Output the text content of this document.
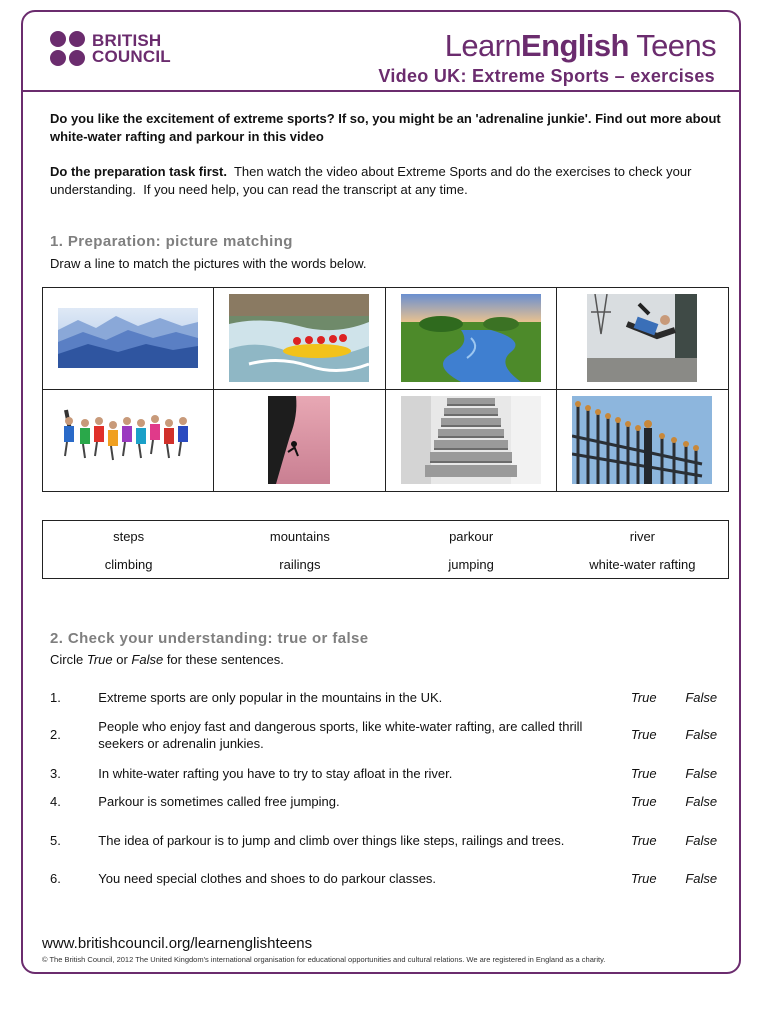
BRITISH
COUNCIL	LearnEnglish Teens
Video UK: Extreme Sports – exercises
Do you like the excitement of extreme sports? If so, you might be an 'adrenaline junkie'. Find out more about white-water rafting and parkour in this video
Do the preparation task first.  Then watch the video about Extreme Sports and do the exercises to check your understanding.  If you need help, you can read the transcript at any time.
1. Preparation: picture matching
Draw a line to match the pictures with the words below.
steps	mountains	parkour	river
climbing	railings	jumping	white-water rafting
2. Check your understanding: true or false
Circle True or False for these sentences.
1.	Extreme sports are only popular in the mountains in the UK.	True	False
2.	People who enjoy fast and dangerous sports, like white-water rafting, are called thrill seekers or adrenalin junkies.	True	False
3.	In white-water rafting you have to try to stay afloat in the river.	True	False
4.	Parkour is sometimes called free jumping.	True	False
5.	The idea of parkour is to jump and climb over things like steps, railings and trees.	True	False
6.	You need special clothes and shoes to do parkour classes.	True	False
www.britishcouncil.org/learnenglishteens
© The British Council, 2012 The United Kingdom's international organisation for educational opportunities and cultural relations. We are registered in England as a charity.
